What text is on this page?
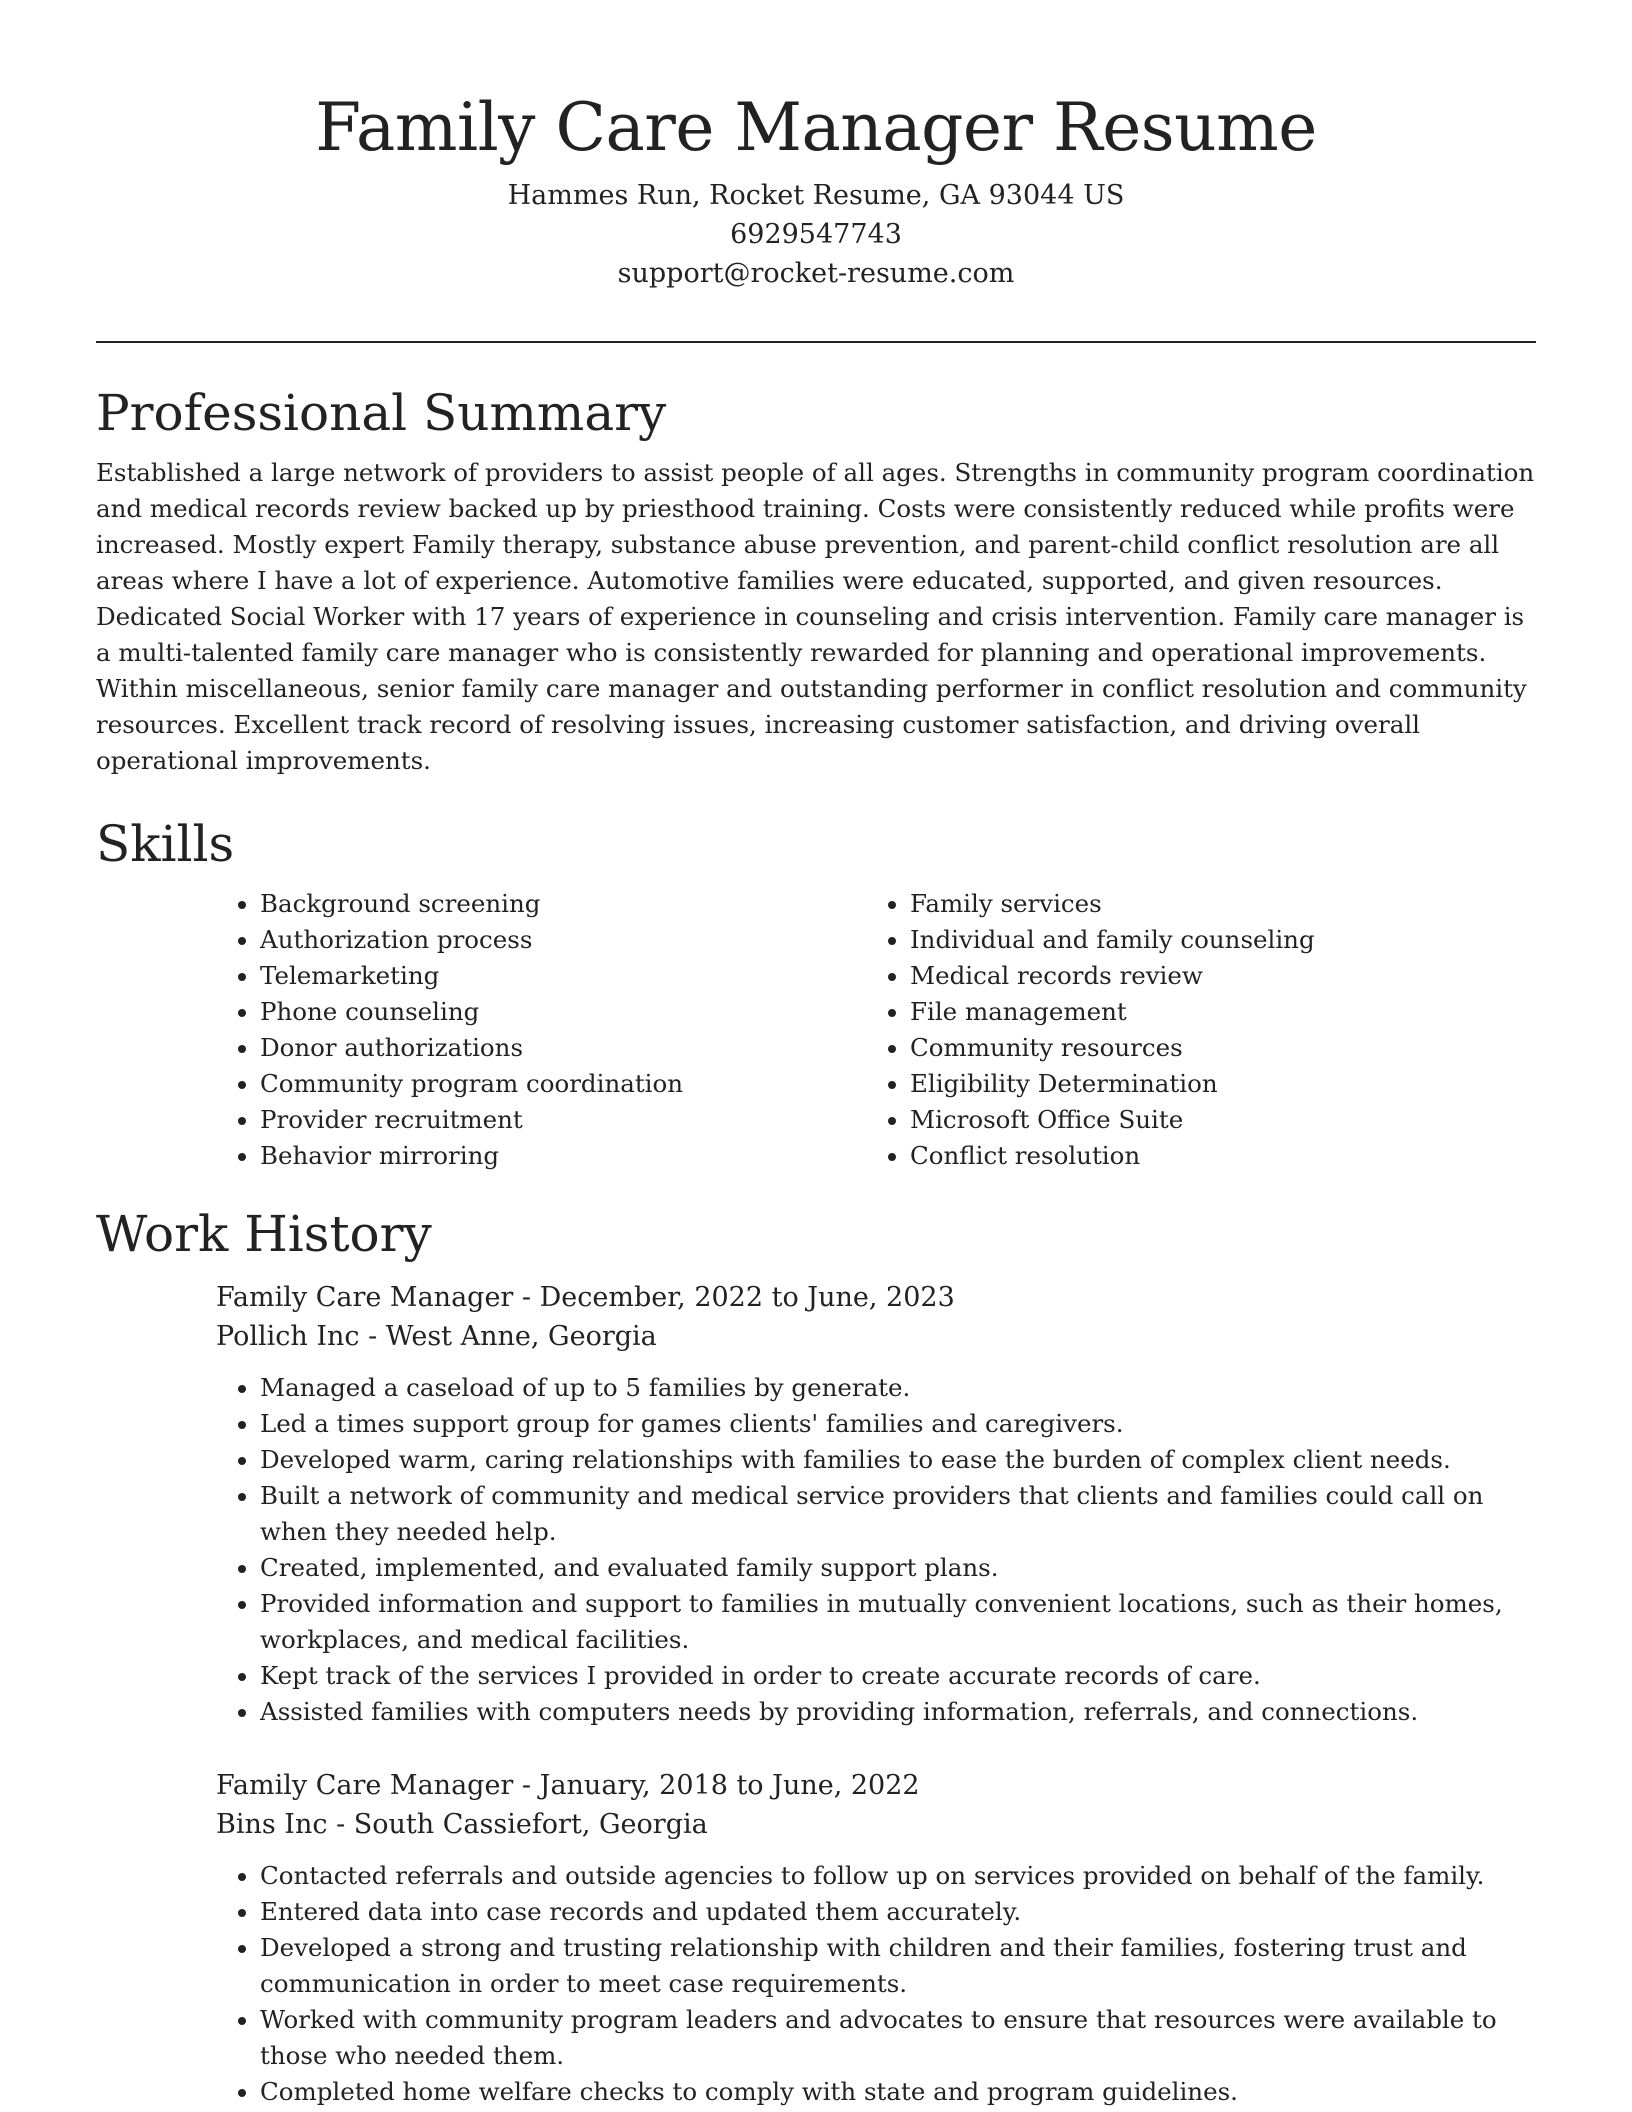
Family Care Manager Resume

Hammes Run, Rocket Resume, GA 93044 US

6929547743

support@rocket-resume.com

Professional Summary

Established a large network of providers to assist people of all ages. Strengths in community program coordination and medical records review backed up by priesthood training. Costs were consistently reduced while profits were increased. Mostly expert Family therapy, substance abuse prevention, and parent-child conflict resolution are all areas where I have a lot of experience. Automotive families were educated, supported, and given resources. Dedicated Social Worker with 17 years of experience in counseling and crisis intervention. Family care manager is a multi-talented family care manager who is consistently rewarded for planning and operational improvements. Within miscellaneous, senior family care manager and outstanding performer in conflict resolution and community resources. Excellent track record of resolving issues, increasing customer satisfaction, and driving overall operational improvements.

Skills
• Background screening
• Authorization process
• Telemarketing
• Phone counseling
• Donor authorizations
• Community program coordination
• Provider recruitment
• Behavior mirroring
• Family services
• Individual and family counseling
• Medical records review
• File management
• Community resources
• Eligibility Determination
• Microsoft Office Suite
• Conflict resolution
Work History

Family Care Manager - December, 2022 to June, 2023

Pollich Inc - West Anne, Georgia

• Managed a caseload of up to 5 families by generate.
• Led a times support group for games clients' families and caregivers.
• Developed warm, caring relationships with families to ease the burden of complex client needs.
• Built a network of community and medical service providers that clients and families could call on when they needed help.
• Created, implemented, and evaluated family support plans.
• Provided information and support to families in mutually convenient locations, such as their homes, workplaces, and medical facilities.
• Kept track of the services I provided in order to create accurate records of care.
• Assisted families with computers needs by providing information, referrals, and connections.

Family Care Manager - January, 2018 to June, 2022

Bins Inc - South Cassiefort, Georgia

• Contacted referrals and outside agencies to follow up on services provided on behalf of the family.
• Entered data into case records and updated them accurately.
• Developed a strong and trusting relationship with children and their families, fostering trust and communication in order to meet case requirements.
• Worked with community program leaders and advocates to ensure that resources were available to those who needed them.
• Completed home welfare checks to comply with state and program guidelines.
